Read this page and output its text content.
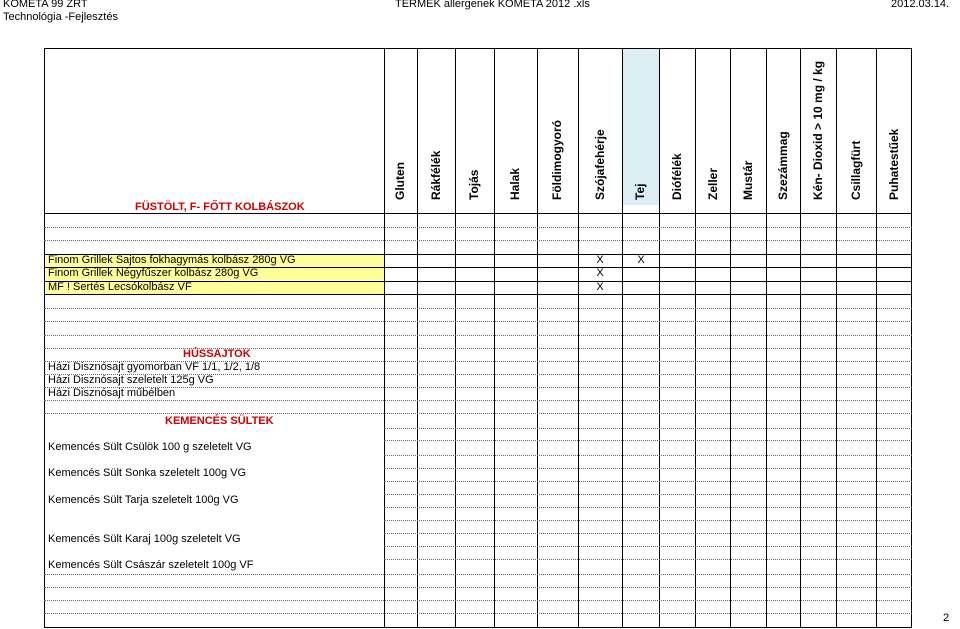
KOMETA 99 ZRT
Technológia -Fejlesztés
TERMEK allergenek KOMETA 2012 .xls	2012.03.14.
Gluten Rákfélék Tojás Halak Földimogyoró Szójafehérje Tej Diófélék Zeller Mustár Szezámmag Kén- Dioxid > 10 mg / kg Csillagfürt Puhatestűek
FÜSTÖLT, F- FŐTT KOLBÁSZOK
HÚSSAJTOK
KEMENCÉS SÜLTEK
Finom Grillek Sajtos fokhagymás kolbász 280g VG
Finom Grillek Négyfűszer kolbász 280g VG
MF ! Sertés Lecsókolbász VF
Házi Disznósajt gyomorban VF 1/1, 1/2, 1/8
Házi Disznósajt szeletelt 125g VG
Házi Disznósajt műbélben
Kemencés Sült Csülök 100 g szeletelt VG
Kemencés Sült Sonka szeletelt 100g VG
Kemencés Sült Tarja szeletelt 100g VG
Kemencés Sült Karaj 100g szeletelt VG
Kemencés Sült Császár szeletelt 100g VF
X	X
X
X
2
